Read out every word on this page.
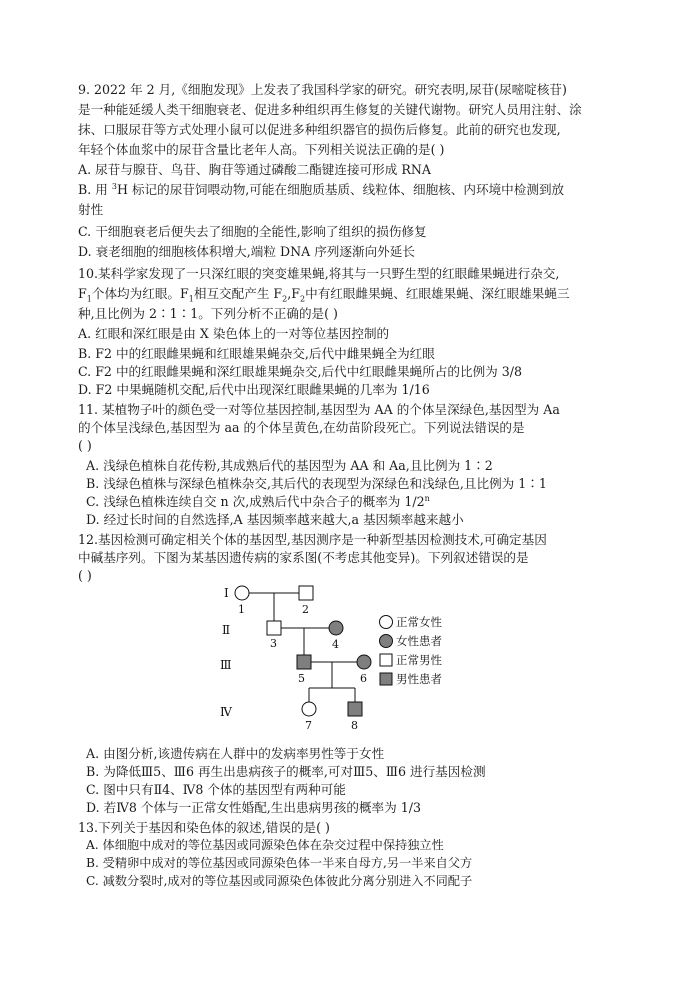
9. 2022 年 2 月,《细胞发现》上发表了我国科学家的研究。研究表明,尿苷(尿嘧啶核苷)
是一种能延缓人类干细胞衰老、促进多种组织再生修复的关键代谢物。研究人员用注射、涂
抹、口服尿苷等方式处理小鼠可以促进多种组织器官的损伤后修复。此前的研究也发现,
年轻个体血浆中的尿苷含量比老年人高。下列相关说法正确的是( )
A. 尿苷与腺苷、鸟苷、胸苷等通过磷酸二酯键连接可形成 RNA
B. 用 $^3$H 标记的尿苷饲喂动物,可能在细胞质基质、线粒体、细胞核、内环境中检测到放
射性
C. 干细胞衰老后便失去了细胞的全能性,影响了组织的损伤修复
D. 衰老细胞的细胞核体积增大,端粒 DNA 序列逐渐向外延长
10.某科学家发现了一只深红眼的突变雄果蝇,将其与一只野生型的红眼雌果蝇进行杂交,
$F_1$个体均为红眼。$F_1$相互交配产生 $F_2,F_2$中有红眼雌果蝇、红眼雄果蝇、深红眼雄果蝇三
种,且比例为 2∶1∶1。下列分析不正确的是( )
A. 红眼和深红眼是由 X 染色体上的一对等位基因控制的
B. F2 中的红眼雌果蝇和红眼雄果蝇杂交,后代中雌果蝇全为红眼
C. F2 中的红眼雌果蝇和深红眼雄果蝇杂交,后代中红眼雌果蝇所占的比例为 3/8
D. F2 中果蝇随机交配,后代中出现深红眼雌果蝇的几率为 1/16
11. 某植物子叶的颜色受一对等位基因控制,基因型为 AA 的个体呈深绿色,基因型为 Aa
的个体呈浅绿色,基因型为 aa 的个体呈黄色,在幼苗阶段死亡。下列说法错误的是
( )
A. 浅绿色植株自花传粉,其成熟后代的基因型为 AA 和 Aa,且比例为 1∶2
B. 浅绿色植株与深绿色植株杂交,其后代的表现型为深绿色和浅绿色,且比例为 1∶1
C. 浅绿色植株连续自交 n 次,成熟后代中杂合子的概率为 1/2$^n$
D. 经过长时间的自然选择,A 基因频率越来越大,a 基因频率越来越小
12.基因检测可确定相关个体的基因型,基因测序是一种新型基因检测技术,可确定基因
中碱基序列。下图为某基因遗传病的家系图(不考虑其他变异)。下列叙述错误的是
( )
Ⅰ
Ⅱ
Ⅲ
Ⅳ
1	2
3	4
5	6
7	8
正常女性
女性患者
正常男性
男性患者
A. 由图分析,该遗传病在人群中的发病率男性等于女性
B. 为降低Ⅲ5、Ⅲ6 再生出患病孩子的概率,可对Ⅲ5、Ⅲ6 进行基因检测
C. 图中只有Ⅱ4、Ⅳ8 个体的基因型有两种可能
D. 若Ⅳ8 个体与一正常女性婚配,生出患病男孩的概率为 1/3
13.下列关于基因和染色体的叙述,错误的是( )
A. 体细胞中成对的等位基因或同源染色体在杂交过程中保持独立性
B. 受精卵中成对的等位基因或同源染色体一半来自母方,另一半来自父方
C. 减数分裂时,成对的等位基因或同源染色体彼此分离分别进入不同配子
